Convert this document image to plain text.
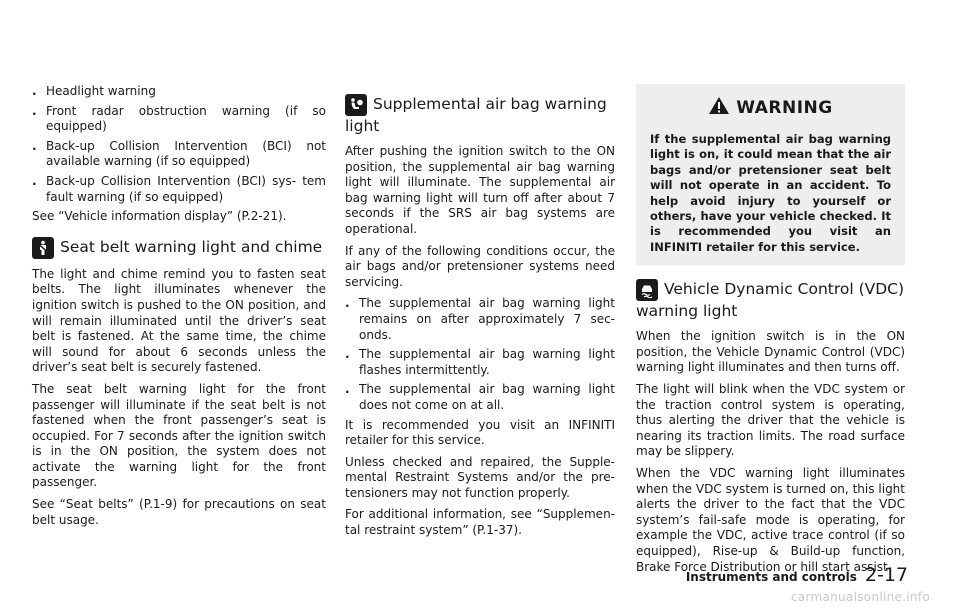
. Headlight warning
. Front radar obstruction warning (if so equipped)
. Back-up Collision Intervention (BCI) not available warning (if so equipped)
. Back-up Collision Intervention (BCI) sys- tem fault warning (if so equipped)

See “Vehicle information display” (P.2-21).

Seat belt warning light and chime

The light and chime remind you to fasten seat belts. The light illuminates whenever the ignition switch is pushed to the ON position, and will remain illuminated until the driver’s seat belt is fastened. At the same time, the chime will sound for about 6 seconds unless the driver’s seat belt is securely fastened.

The seat belt warning light for the front passenger will illuminate if the seat belt is not fastened when the front passenger’s seat is occupied. For 7 seconds after the ignition switch is in the ON position, the system does not activate the warning light for the front passenger.

See “Seat belts” (P.1-9) for precautions on seat belt usage.

Supplemental air bag warning light

After pushing the ignition switch to the ON position, the supplemental air bag warning light will illuminate. The supplemental air bag warning light will turn off after about 7 seconds if the SRS air bag systems are operational.

If any of the following conditions occur, the air bags and/or pretensioner systems need servicing.

. The supplemental air bag warning light remains on after approximately 7 sec- onds.
. The supplemental air bag warning light flashes intermittently.
. The supplemental air bag warning light does not come on at all.

It is recommended you visit an INFINITI retailer for this service.

Unless checked and repaired, the Supple- mental Restraint Systems and/or the pre- tensioners may not function properly.

For additional information, see “Supplemen- tal restraint system” (P.1-37).

WARNING

If the supplemental air bag warning light is on, it could mean that the air bags and/or pretensioner seat belt will not operate in an accident. To help avoid injury to yourself or others, have your vehicle checked. It is recommended you visit an INFINITI retailer for this service.

Vehicle Dynamic Control (VDC) warning light

When the ignition switch is in the ON position, the Vehicle Dynamic Control (VDC) warning light illuminates and then turns off.

The light will blink when the VDC system or the traction control system is operating, thus alerting the driver that the vehicle is nearing its traction limits. The road surface may be slippery.

When the VDC warning light illuminates when the VDC system is turned on, this light alerts the driver to the fact that the VDC system’s fail-safe mode is operating, for example the VDC, active trace control (if so equipped), Rise-up & Build-up function, Brake Force Distribution or hill start assist

Instruments and controls 2-17
carmanualsonline.info
